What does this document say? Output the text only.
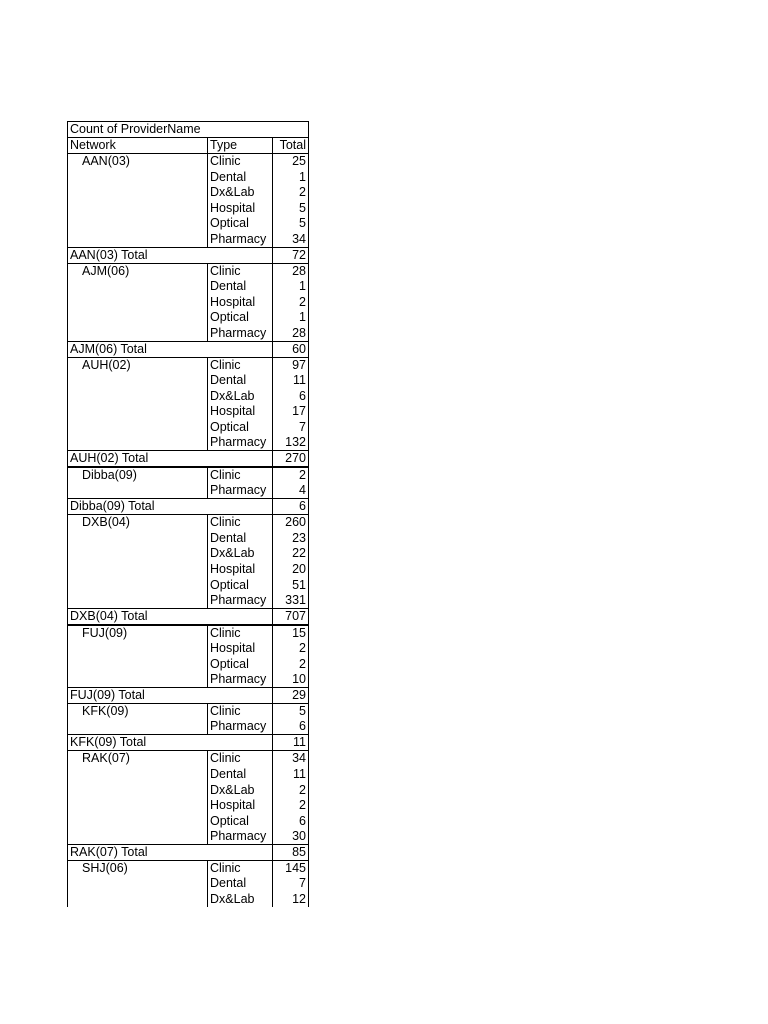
Count of ProviderName		
Network	Type	Total
AAN(03)	Clinic	25
	Dental	1
	Dx&Lab	2
	Hospital	5
	Optical	5
	Pharmacy	34
AAN(03) Total		72
AJM(06)	Clinic	28
	Dental	1
	Hospital	2
	Optical	1
	Pharmacy	28
AJM(06) Total		60
AUH(02)	Clinic	97
	Dental	11
	Dx&Lab	6
	Hospital	17
	Optical	7
	Pharmacy	132
AUH(02) Total		270
Dibba(09)	Clinic	2
	Pharmacy	4
Dibba(09) Total		6
DXB(04)	Clinic	260
	Dental	23
	Dx&Lab	22
	Hospital	20
	Optical	51
	Pharmacy	331
DXB(04) Total		707
FUJ(09)	Clinic	15
	Hospital	2
	Optical	2
	Pharmacy	10
FUJ(09) Total		29
KFK(09)	Clinic	5
	Pharmacy	6
KFK(09) Total		11
RAK(07)	Clinic	34
	Dental	11
	Dx&Lab	2
	Hospital	2
	Optical	6
	Pharmacy	30
RAK(07) Total		85
SHJ(06)	Clinic	145
	Dental	7
	Dx&Lab	12
